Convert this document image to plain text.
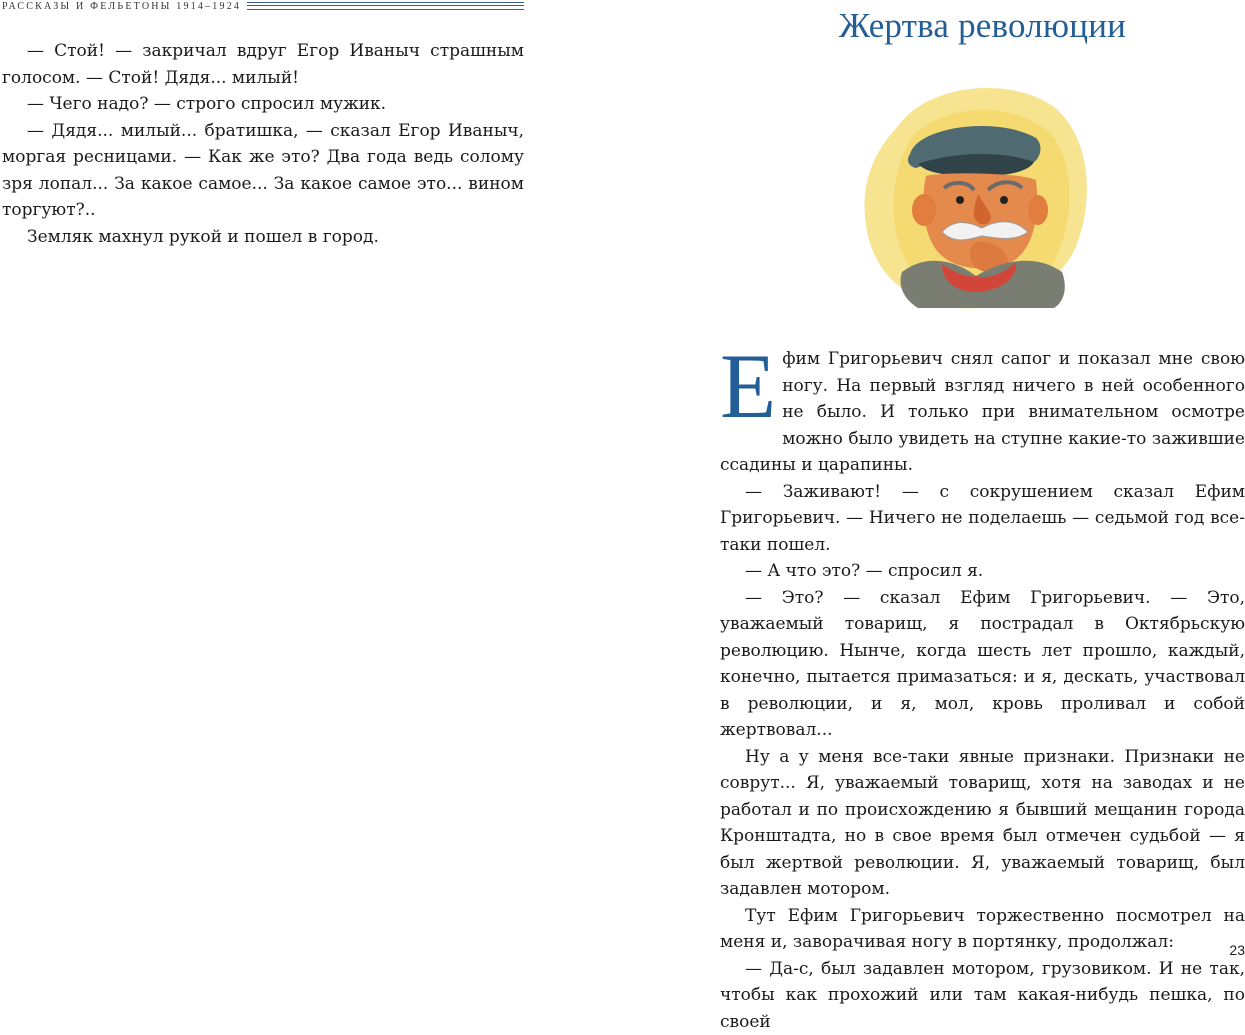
РАССКАЗЫ И ФЕЛЬЕТОНЫ 1914–1924

— Стой! — закричал вдруг Егор Иваныч страшным голосом. — Стой! Дядя... милый!

— Чего надо? — строго спросил мужик.

— Дядя... милый... братишка, — сказал Егор Иваныч, моргая ресницами. — Как же это? Два года ведь солому зря лопал... За какое самое... За какое самое это... вином торгуют?..

Земляк махнул рукой и пошел в город.

Жертва революции

Ефим Григорьевич снял сапог и показал мне свою ногу. На первый взгляд ничего в ней особенного не было. И только при внимательном осмотре можно было увидеть на ступне какие-то зажившие ссадины и царапины.

— Заживают! — с сокрушением сказал Ефим Григорьевич. — Ничего не поделаешь — седьмой год все-таки пошел.

— А что это? — спросил я.

— Это? — сказал Ефим Григорьевич. — Это, уважаемый товарищ, я пострадал в Октябрьскую революцию. Нынче, когда шесть лет прошло, каждый, конечно, пытается примазаться: и я, дескать, участвовал в революции, и я, мол, кровь проливал и собой жертвовал...

Ну а у меня все-таки явные признаки. Признаки не соврут... Я, уважаемый товарищ, хотя на заводах и не работал и по происхождению я бывший мещанин города Кронштадта, но в свое время был отмечен судьбой — я был жертвой революции. Я, уважаемый товарищ, был задавлен мотором.

Тут Ефим Григорьевич торжественно посмотрел на меня и, заворачивая ногу в портянку, продолжал:

— Да-с, был задавлен мотором, грузовиком. И не так, чтобы как прохожий или там какая-нибудь пешка, по своей

23
